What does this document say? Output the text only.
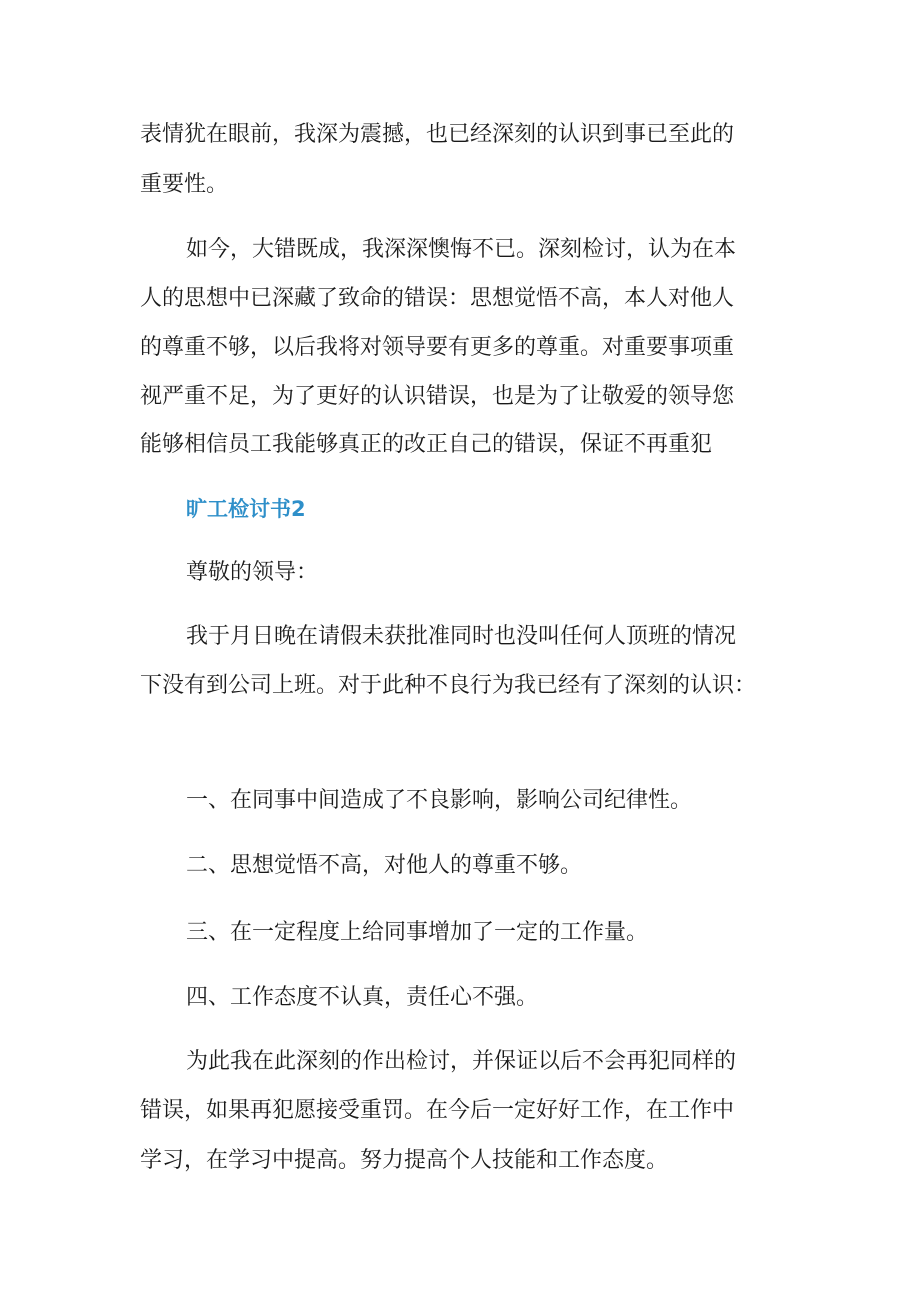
表情犹在眼前，我深为震撼，也已经深刻的认识到事已至此的
重要性。
如今，大错既成，我深深懊悔不已。深刻检讨，认为在本
人的思想中已深藏了致命的错误：思想觉悟不高，本人对他人
的尊重不够，以后我将对领导要有更多的尊重。对重要事项重
视严重不足，为了更好的认识错误，也是为了让敬爱的领导您
能够相信员工我能够真正的改正自己的错误，保证不再重犯
旷工检讨书2
尊敬的领导：
我于月日晚在请假未获批准同时也没叫任何人顶班的情况
下没有到公司上班。对于此种不良行为我已经有了深刻的认识：
一、在同事中间造成了不良影响，影响公司纪律性。
二、思想觉悟不高，对他人的尊重不够。
三、在一定程度上给同事增加了一定的工作量。
四、工作态度不认真，责任心不强。
为此我在此深刻的作出检讨，并保证以后不会再犯同样的
错误，如果再犯愿接受重罚。在今后一定好好工作，在工作中
学习，在学习中提高。努力提高个人技能和工作态度。
